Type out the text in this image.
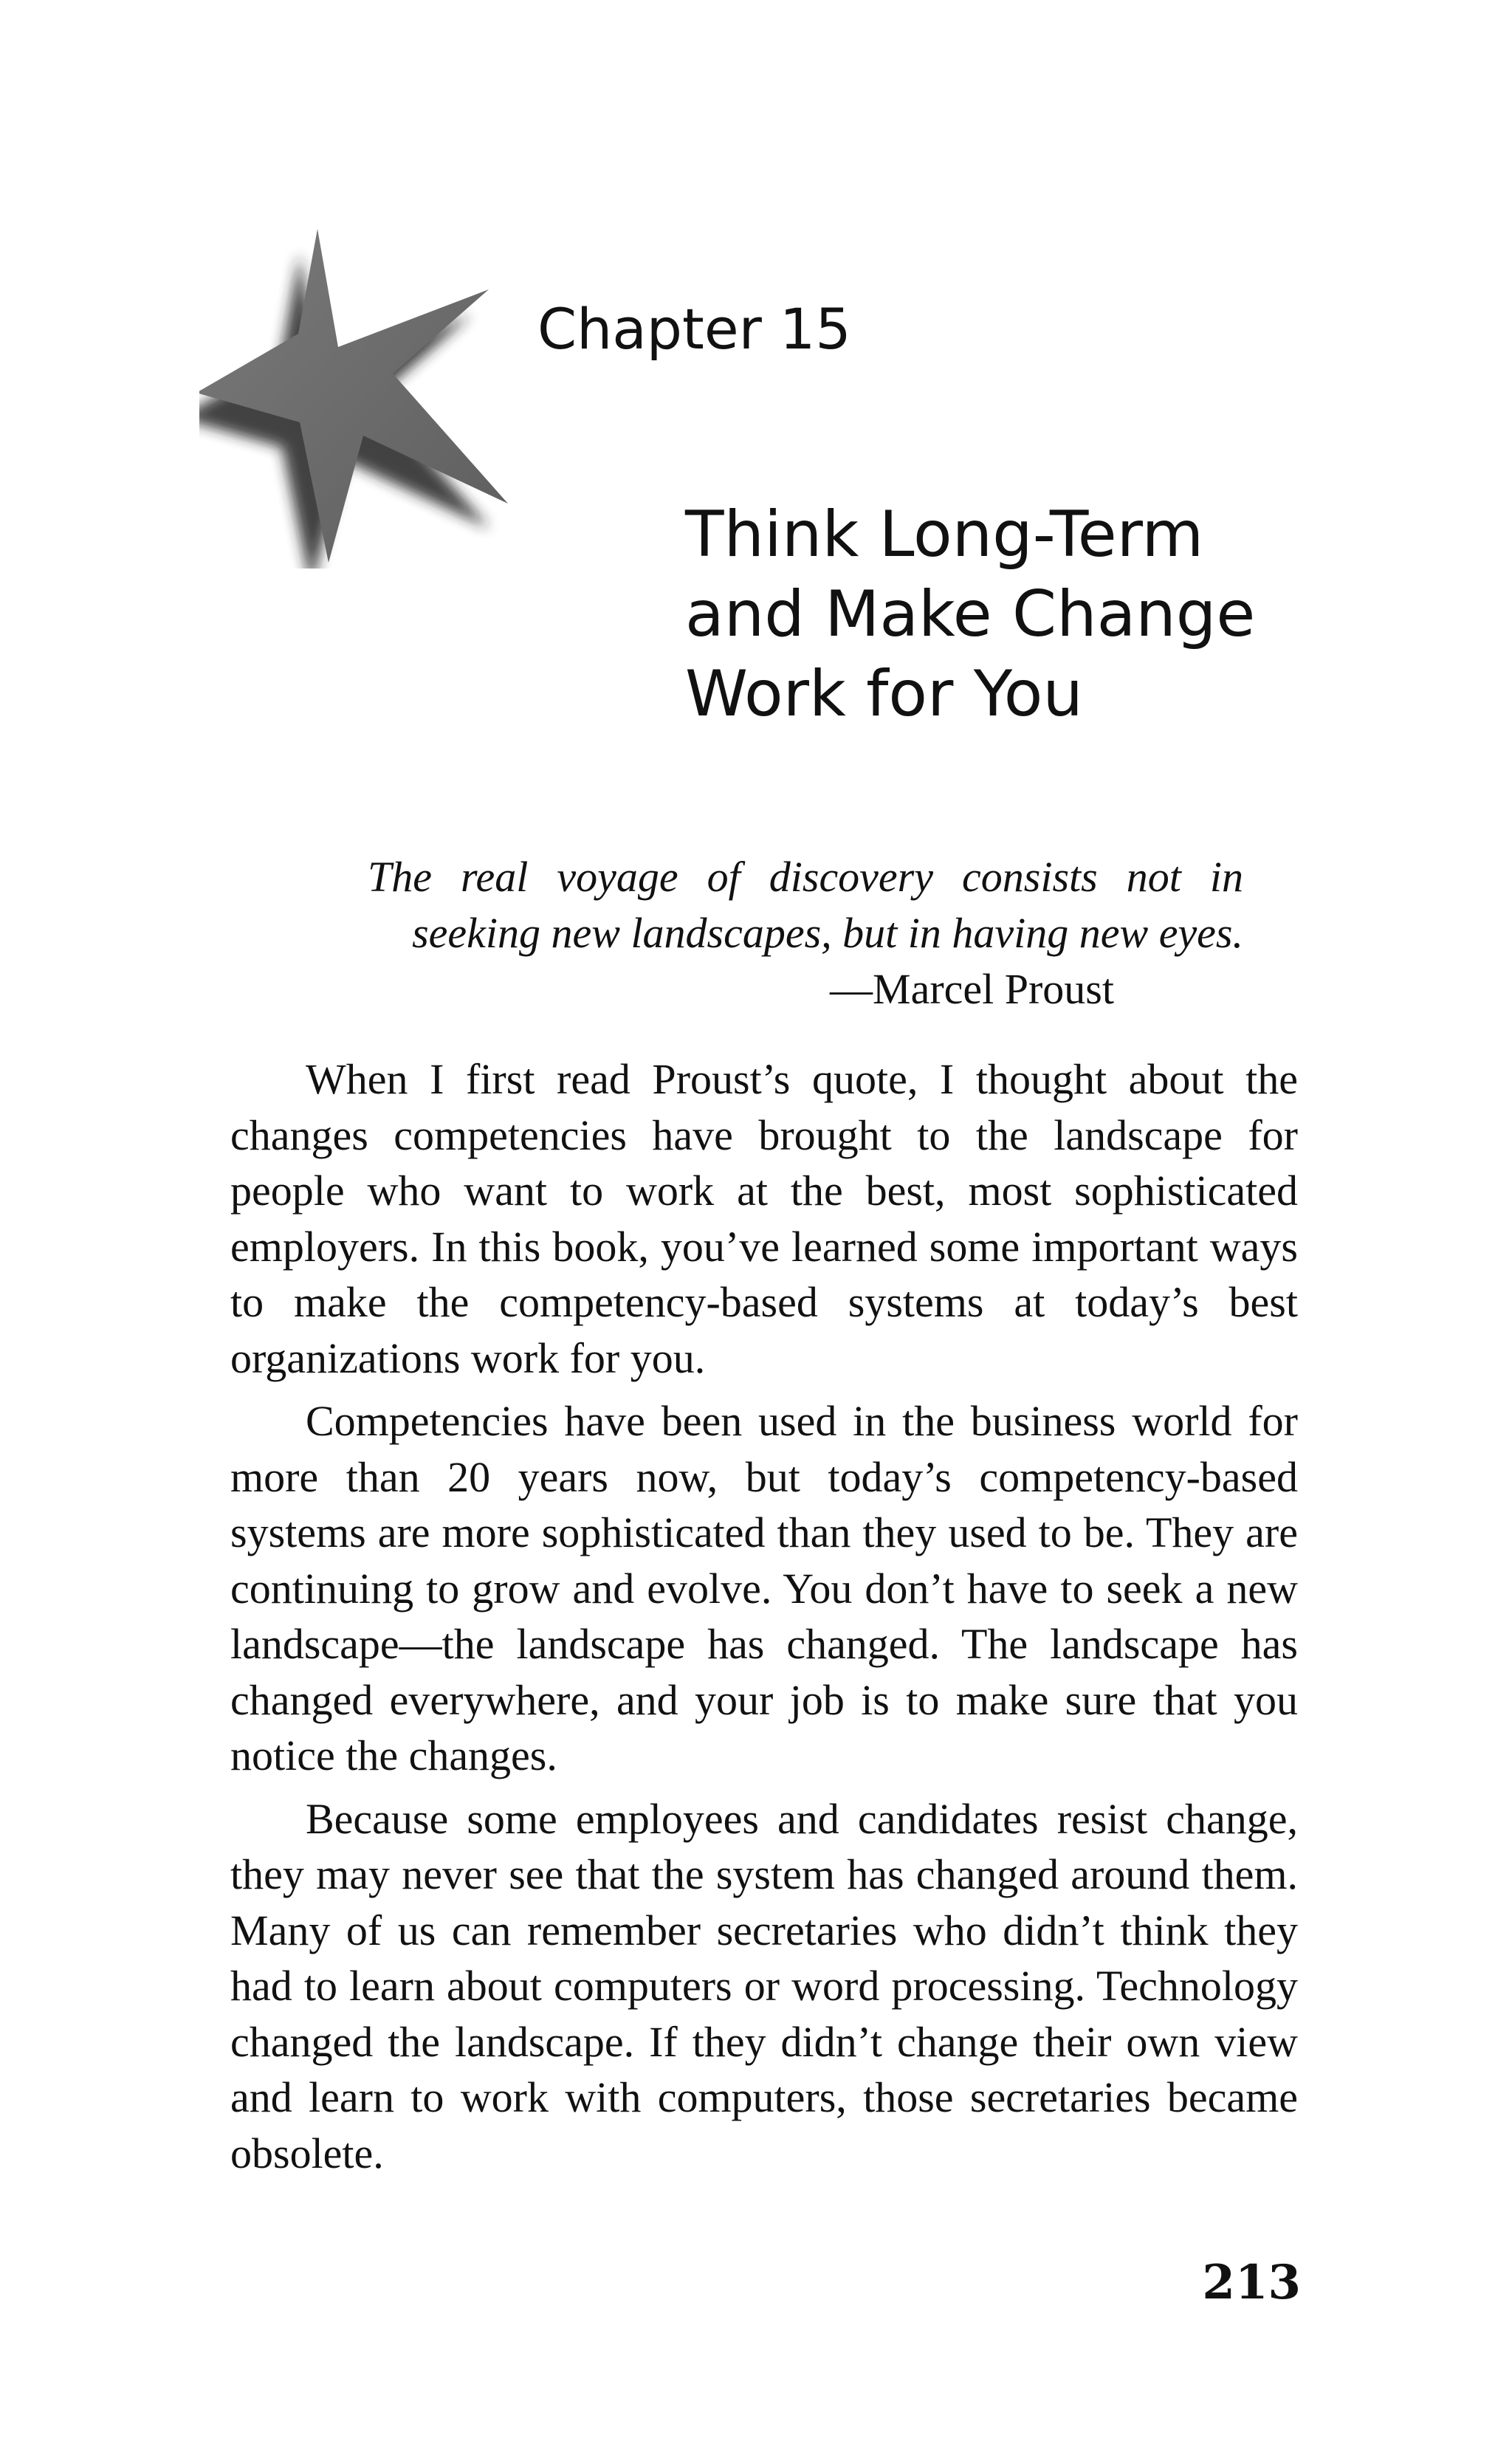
Chapter 15
Think Long-Term
and Make Change
Work for You

The real voyage of discovery consists not in seeking new landscapes, but in having new eyes.

—Marcel Proust

When I first read Proust’s quote, I thought about the changes competencies have brought to the landscape for people who want to work at the best, most sophisticated employers. In this book, you’ve learned some important ways to make the competency-based systems at today’s best organizations work for you.

Competencies have been used in the business world for more than 20 years now, but today’s competency-based systems are more sophisticated than they used to be. They are continuing to grow and evolve. You don’t have to seek a new landscape—the landscape has changed. The landscape has changed everywhere, and your job is to make sure that you notice the changes.

Because some employees and candidates resist change, they may never see that the system has changed around them. Many of us can remember secretaries who didn’t think they had to learn about computers or word processing. Technology changed the landscape. If they didn’t change their own view and learn to work with computers, those secretaries became obsolete.

213
